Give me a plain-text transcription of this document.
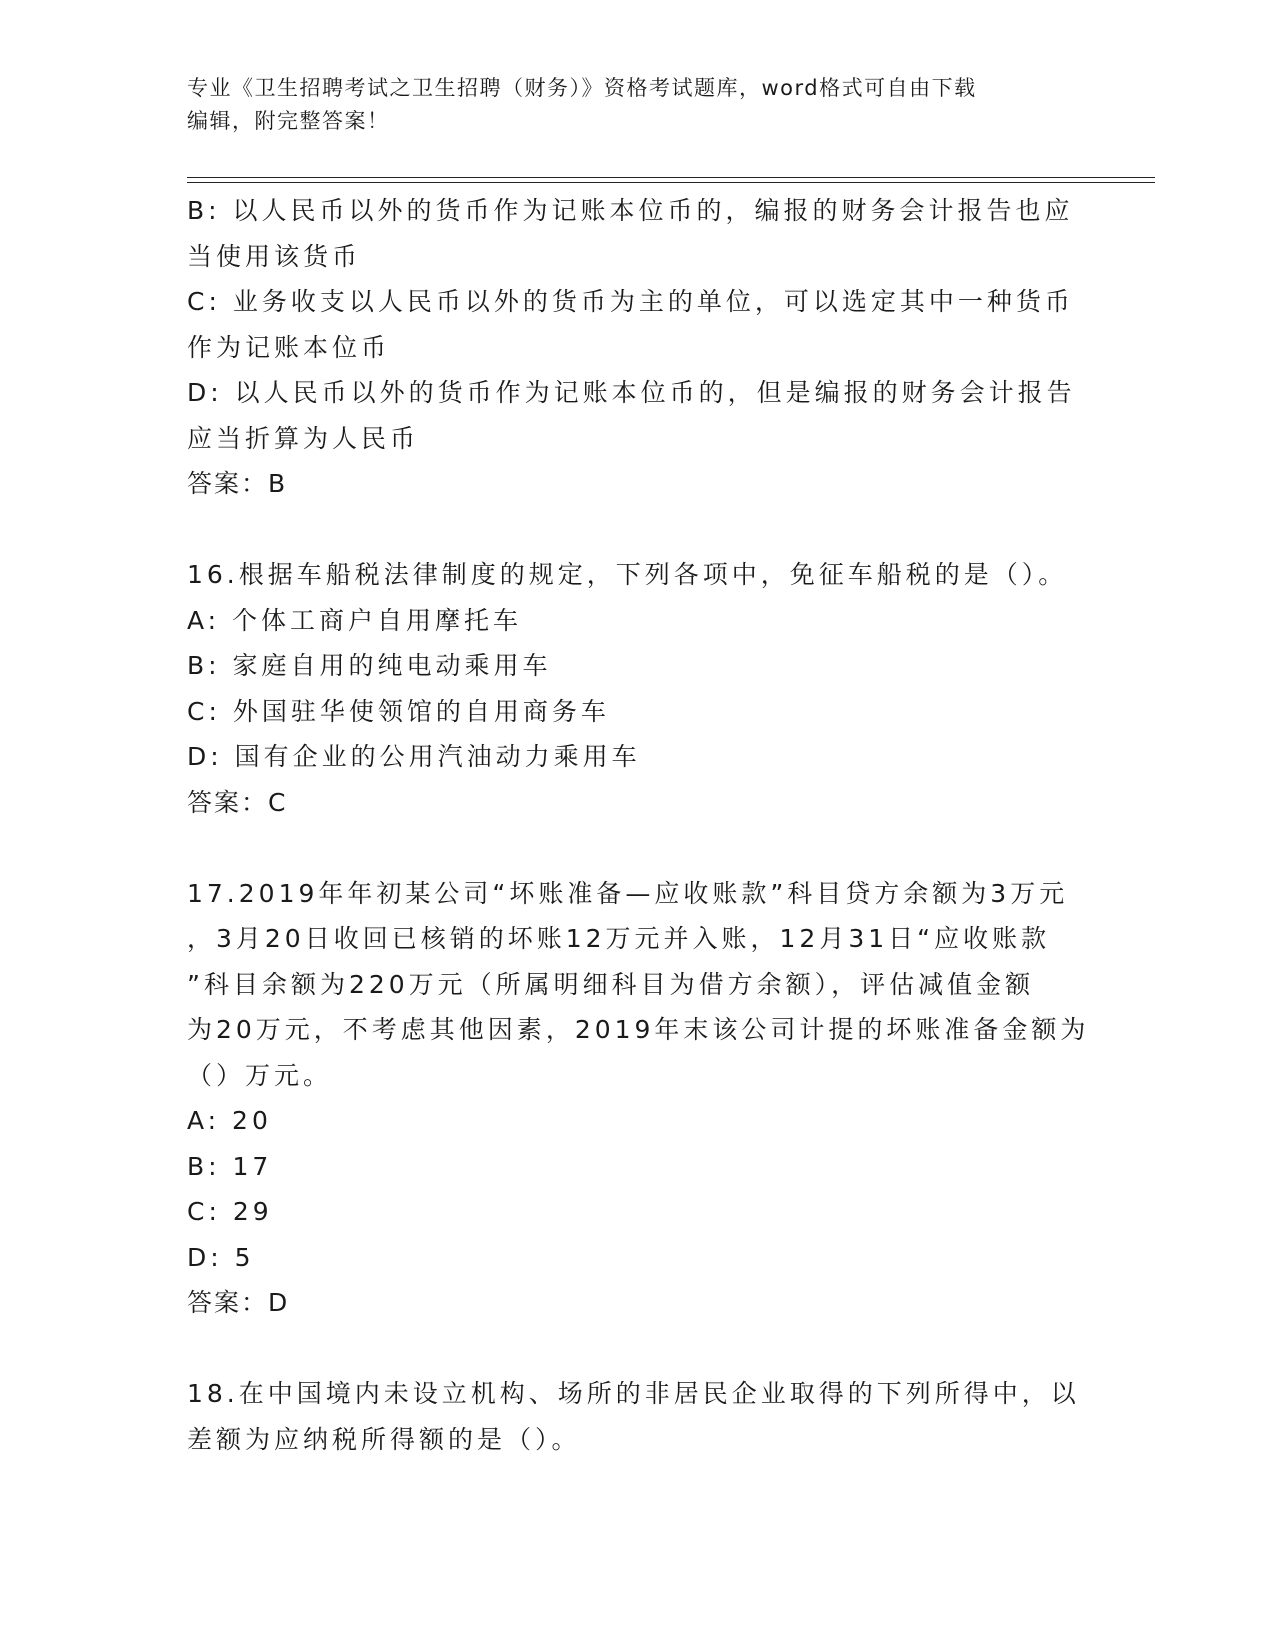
专业《卫生招聘考试之卫生招聘（财务）》资格考试题库，word格式可自由下载
编辑，附完整答案！
B: 以人民币以外的货币作为记账本位币的，编报的财务会计报告也应
当使用该货币
C: 业务收支以人民币以外的货币为主的单位，可以选定其中一种货币
作为记账本位币
D: 以人民币以外的货币作为记账本位币的，但是编报的财务会计报告
应当折算为人民币
答案：B
16.根据车船税法律制度的规定，下列各项中，免征车船税的是（）。
A: 个体工商户自用摩托车
B: 家庭自用的纯电动乘用车
C: 外国驻华使领馆的自用商务车
D: 国有企业的公用汽油动力乘用车
答案：C
17.2019年年初某公司“坏账准备—应收账款”科目贷方余额为3万元
，3月20日收回已核销的坏账12万元并入账，12月31日“应收账款
”科目余额为220万元（所属明细科目为借方余额），评估减值金额
为20万元，不考虑其他因素，2019年末该公司计提的坏账准备金额为
（）万元。
A: 20
B: 17
C: 29
D: 5
答案：D
18.在中国境内未设立机构、场所的非居民企业取得的下列所得中，以
差额为应纳税所得额的是（）。
